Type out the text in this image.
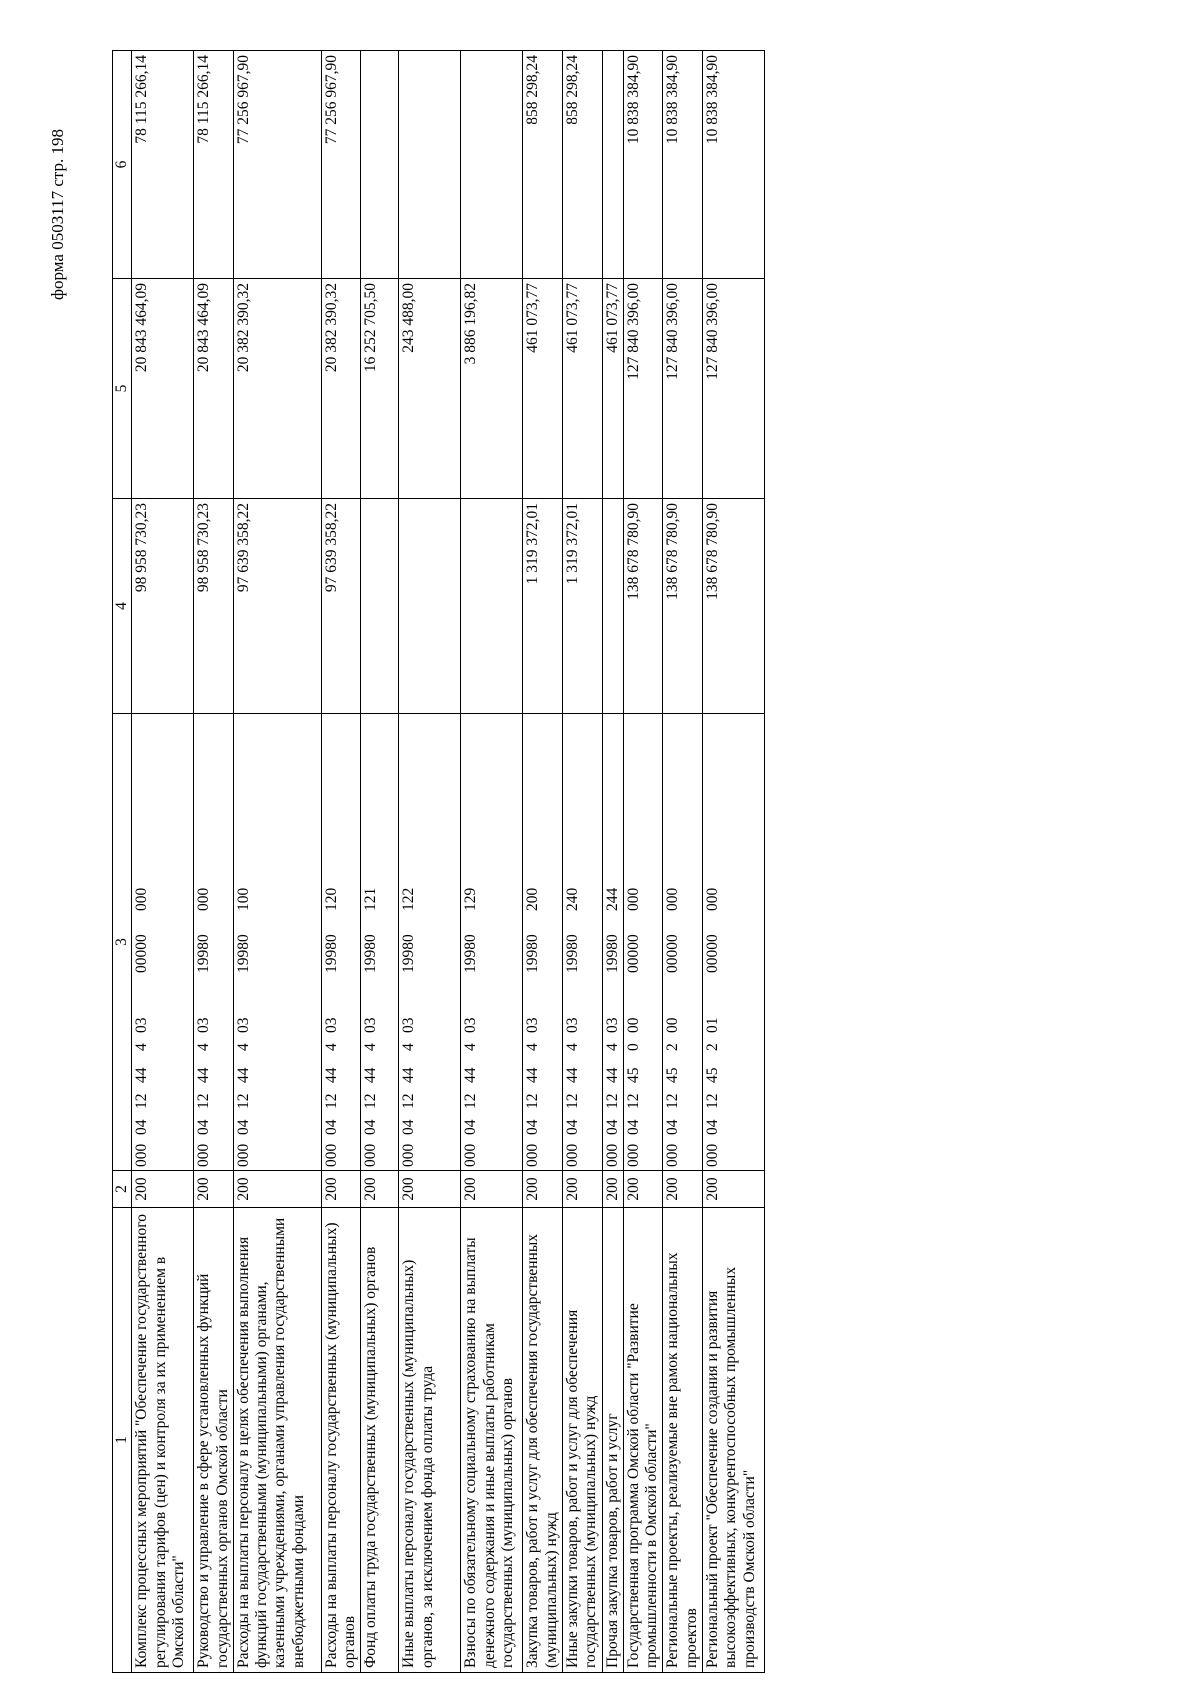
форма 0503117 стр. 198
1	2	3	4	5	6
Комплекс процессных мероприятий "Обеспечение государственного регулирования тарифов (цен) и контроля за их применением в Омской области"	200	00004124440300000000	98 958 730,23	20 843 464,09	78 115 266,14
Руководство и управление в сфере установленных функций государственных органов Омской области	200	00004124440319980000	98 958 730,23	20 843 464,09	78 115 266,14
Расходы на выплаты персоналу в целях обеспечения выполнения функций государственными (муниципальными) органами, казенными учреждениями, органами управления государственными внебюджетными фондами	200	00004124440319980100	97 639 358,22	20 382 390,32	77 256 967,90
Расходы на выплаты персоналу государственных (муниципальных) органов	200	00004124440319980120	97 639 358,22	20 382 390,32	77 256 967,90
Фонд оплаты труда государственных (муниципальных) органов	200	00004124440319980121		16 252 705,50	
Иные выплаты персоналу государственных (муниципальных) органов, за исключением фонда оплаты труда	200	00004124440319980122		243 488,00	
Взносы по обязательному социальному страхованию на выплаты денежного содержания и иные выплаты работникам государственных (муниципальных) органов	200	00004124440319980129		3 886 196,82	
Закупка товаров, работ и услуг для обеспечения государственных (муниципальных) нужд	200	00004124440319980200	1 319 372,01	461 073,77	858 298,24
Иные закупки товаров, работ и услуг для обеспечения государственных (муниципальных) нужд	200	00004124440319980240	1 319 372,01	461 073,77	858 298,24
Прочая закупка товаров, работ и услуг	200	00004124440319980244		461 073,77	
Государственная программа Омской области "Развитие промышленности в Омской области"	200	00004124500000000000	138 678 780,90	127 840 396,00	10 838 384,90
Региональные проекты, реализуемые вне рамок национальных проектов	200	00004124520000000000	138 678 780,90	127 840 396,00	10 838 384,90
Региональный проект "Обеспечение создания и развития высокоэффективных, конкурентоспособных промышленных производств Омской области"	200	00004124520100000000	138 678 780,90	127 840 396,00	10 838 384,90
